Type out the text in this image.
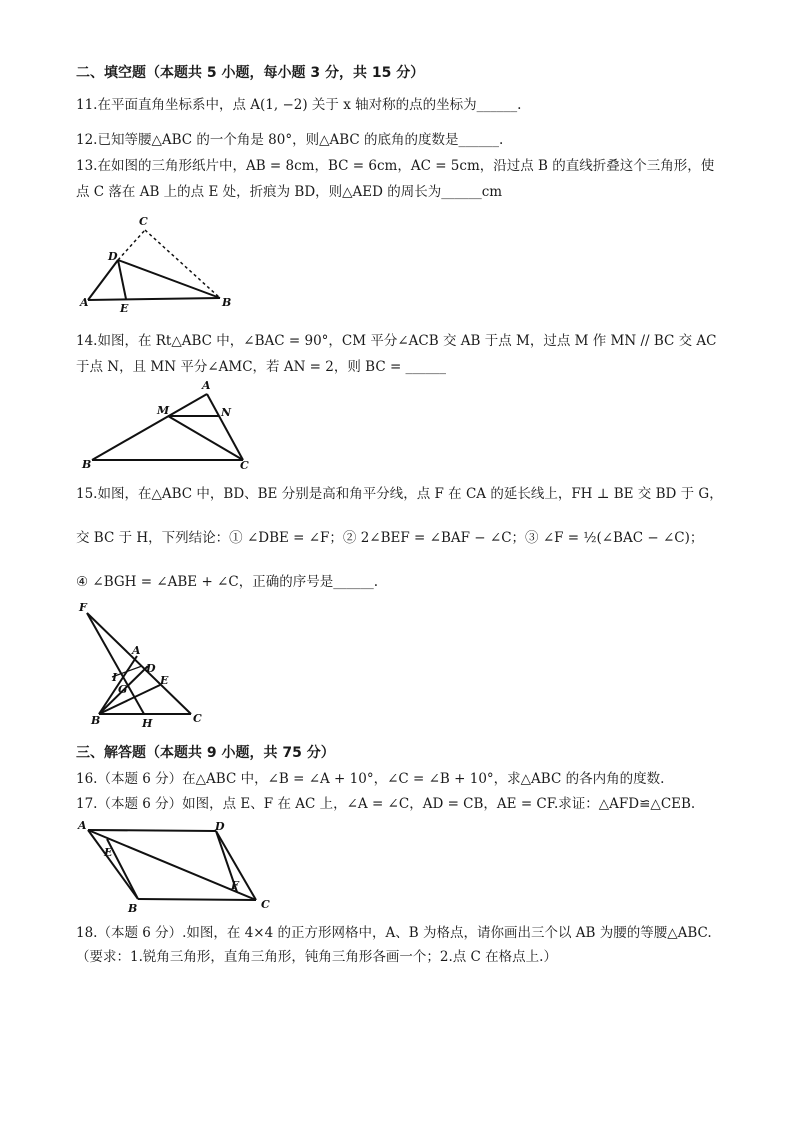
二、填空题（本题共 5 小题，每小题 3 分，共 15 分）
11.在平面直角坐标系中，点 A(1, −2) 关于 x 轴对称的点的坐标为______.
12.已知等腰△ABC 的一个角是 80°，则△ABC 的底角的度数是______.
13.在如图的三角形纸片中，AB = 8cm，BC = 6cm，AC = 5cm，沿过点 B 的直线折叠这个三角形，使
点 C 落在 AB 上的点 E 处，折痕为 BD，则△AED 的周长为______cm
C
D
A	E	B
14.如图，在 Rt△ABC 中，∠BAC = 90°，CM 平分∠ACB 交 AB 于点 M，过点 M 作 MN // BC 交 AC
于点 N，且 MN 平分∠AMC，若 AN = 2，则 BC = ______
A
M	N
B	C
15.如图，在△ABC 中，BD、BE 分别是高和角平分线，点 F 在 CA 的延长线上，FH ⊥ BE 交 BD 于 G，
交 BC 于 H，下列结论：① ∠DBE = ∠F；② 2∠BEF = ∠BAF − ∠C；③ ∠F = ½(∠BAC − ∠C)；
④ ∠BGH = ∠ABE + ∠C，正确的序号是______.
F
A
D
I
G
E
B	H	C
三、解答题（本题共 9 小题，共 75 分）
16.（本题 6 分）在△ABC 中，∠B = ∠A + 10°，∠C = ∠B + 10°，求△ABC 的各内角的度数.
17.（本题 6 分）如图，点 E、F 在 AC 上，∠A = ∠C，AD = CB，AE = CF.求证：△AFD≌△CEB.
A	D
E
F
B	C
18.（本题 6 分）.如图，在 4×4 的正方形网格中，A、B 为格点，请你画出三个以 AB 为腰的等腰△ABC.
（要求：1.锐角三角形，直角三角形，钝角三角形各画一个；2.点 C 在格点上.）
